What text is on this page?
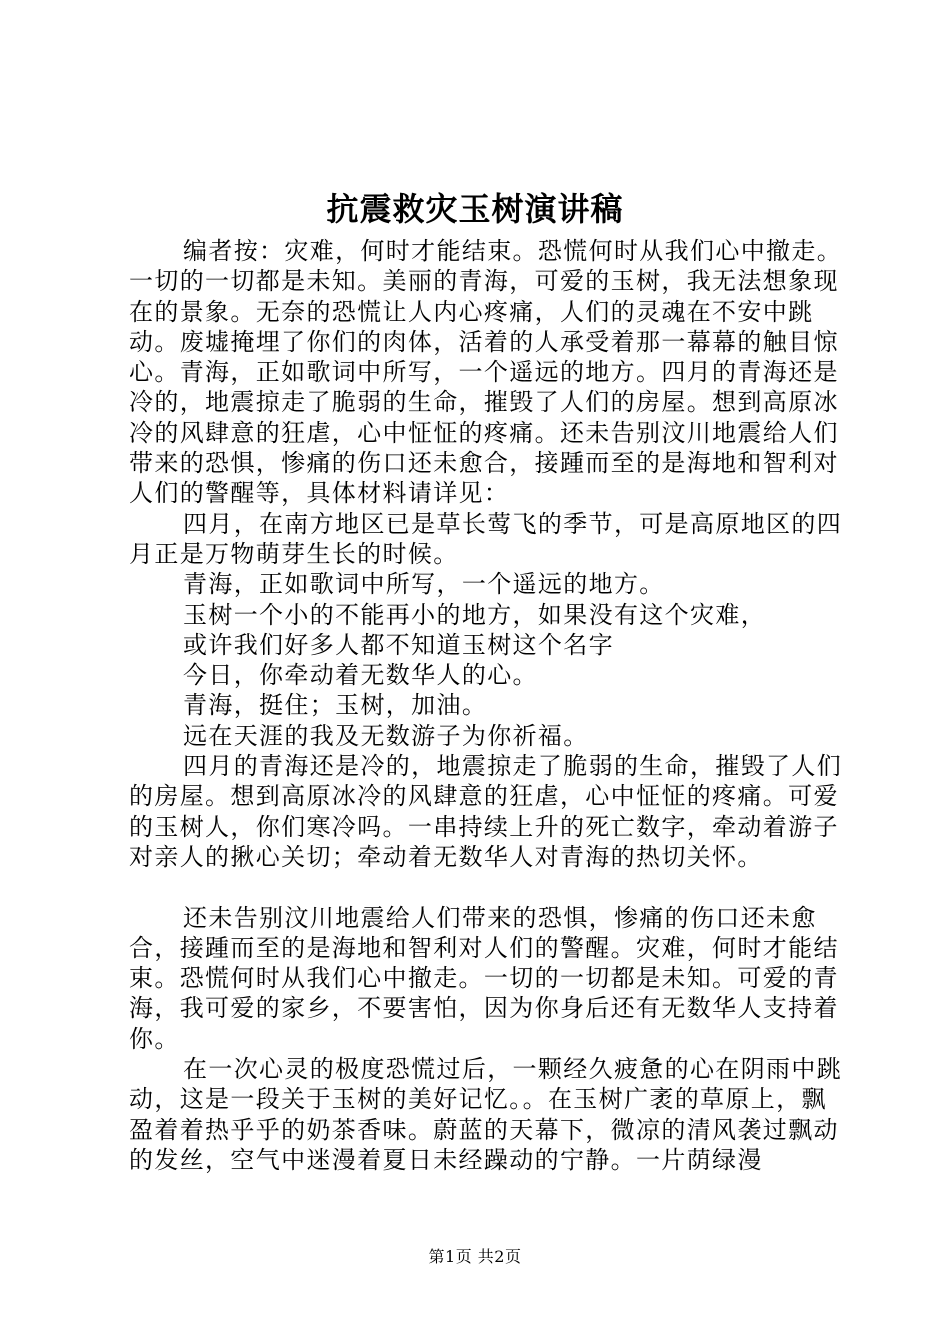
抗震救灾玉树演讲稿

编者按：灾难，何时才能结束。恐慌何时从我们心中撤走。一切的一切都是未知。美丽的青海，可爱的玉树，我无法想象现在的景象。无奈的恐慌让人内心疼痛，人们的灵魂在不安中跳动。废墟掩埋了你们的肉体，活着的人承受着那一幕幕的触目惊心。青海，正如歌词中所写，一个遥远的地方。四月的青海还是冷的，地震掠走了脆弱的生命，摧毁了人们的房屋。想到高原冰冷的风肆意的狂虐，心中怔怔的疼痛。还未告别汶川地震给人们带来的恐惧，惨痛的伤口还未愈合，接踵而至的是海地和智利对人们的警醒等，具体材料请详见：

四月，在南方地区已是草长莺飞的季节，可是高原地区的四月正是万物萌芽生长的时候。

青海，正如歌词中所写，一个遥远的地方。

玉树一个小的不能再小的地方，如果没有这个灾难，

或许我们好多人都不知道玉树这个名字

今日，你牵动着无数华人的心。

青海，挺住；玉树，加油。

远在天涯的我及无数游子为你祈福。

四月的青海还是冷的，地震掠走了脆弱的生命，摧毁了人们的房屋。想到高原冰冷的风肆意的狂虐，心中怔怔的疼痛。可爱的玉树人，你们寒冷吗。一串持续上升的死亡数字，牵动着游子对亲人的揪心关切；牵动着无数华人对青海的热切关怀。

还未告别汶川地震给人们带来的恐惧，惨痛的伤口还未愈合，接踵而至的是海地和智利对人们的警醒。灾难，何时才能结束。恐慌何时从我们心中撤走。一切的一切都是未知。可爱的青海，我可爱的家乡，不要害怕，因为你身后还有无数华人支持着你。

在一次心灵的极度恐慌过后，一颗经久疲惫的心在阴雨中跳动，这是一段关于玉树的美好记忆。。在玉树广袤的草原上，飘盈着着热乎乎的奶茶香味。蔚蓝的天幕下，微凉的清风袭过飘动的发丝，空气中迷漫着夏日未经躁动的宁静。一片荫绿漫

第1页 共2页
